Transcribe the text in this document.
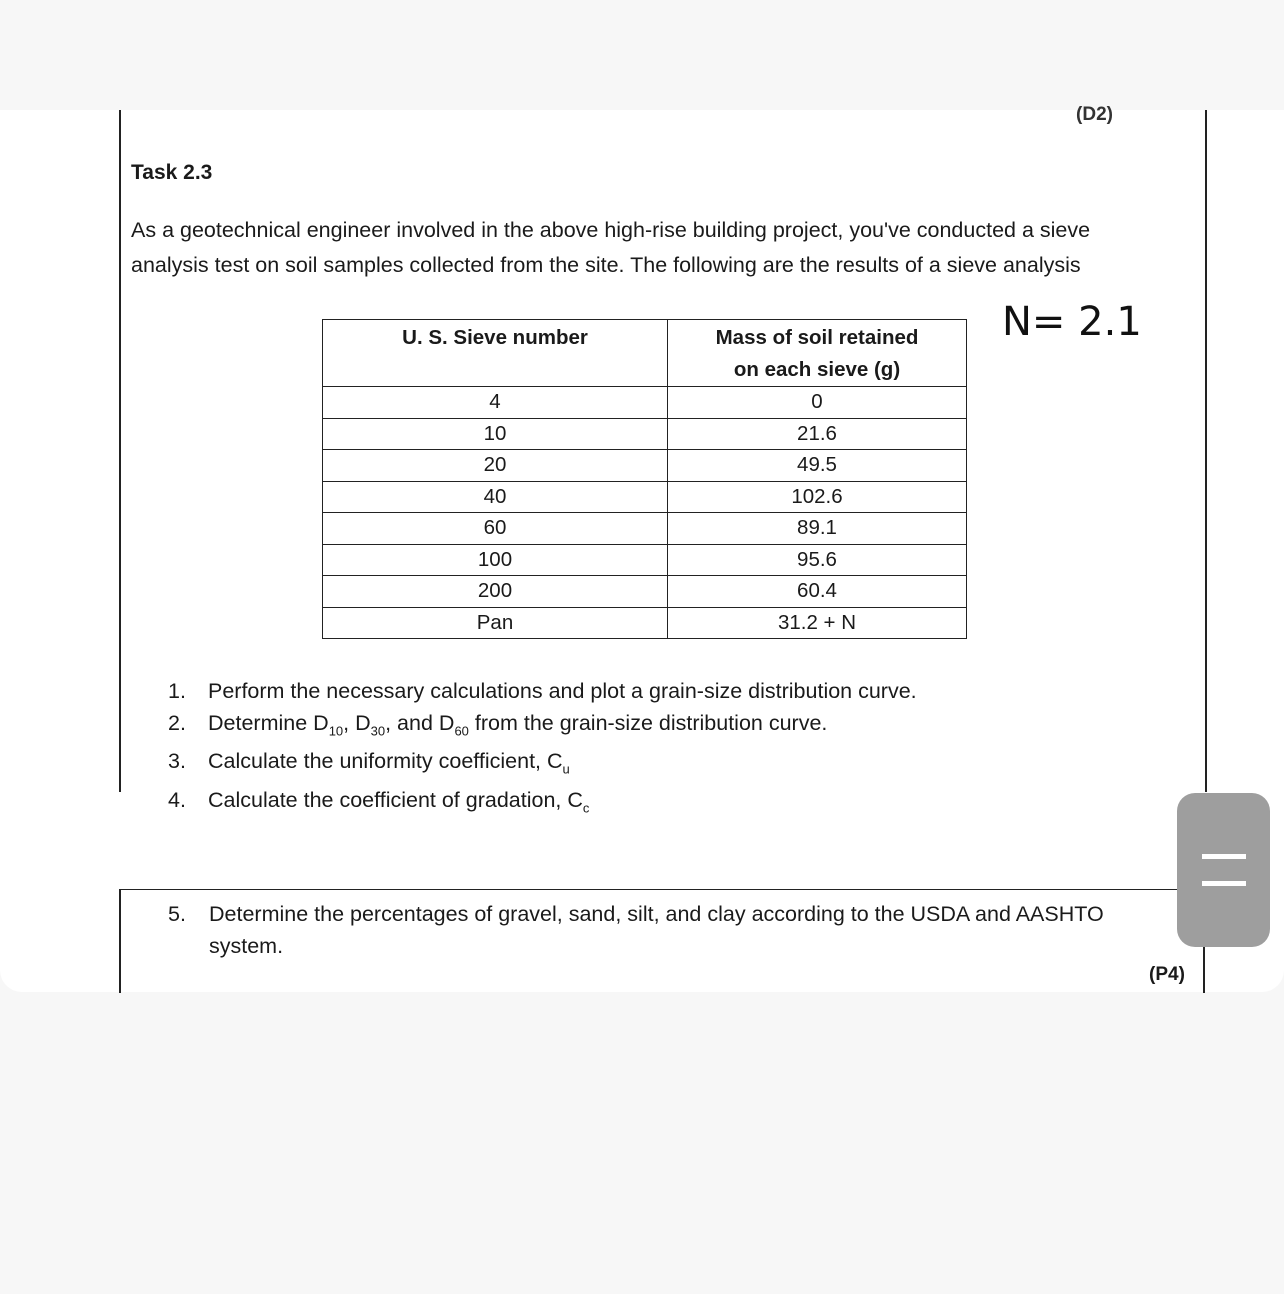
(D2)
Task 2.3

As a geotechnical engineer involved in the above high-rise building project, you've conducted a sieve
analysis test on soil samples collected from the site. The following are the results of a sieve analysis

N= 2.1
U. S. Sieve number	Mass of soil retained
on each sieve (g)
4	0
10	21.6
20	49.5
40	102.6
60	89.1
100	95.6
200	60.4
Pan	31.2 + N
1.	Perform the necessary calculations and plot a grain-size distribution curve.
2.	Determine $D_{10}$, $D_{30}$, and $D_{60}$ from the grain-size distribution curve.
3.	Calculate the uniformity coefficient, $C_u$
4.	Calculate the coefficient of gradation, $C_c$
5.	Determine the percentages of gravel, sand, silt, and clay according to the USDA and AASHTO
system.
(P4)
